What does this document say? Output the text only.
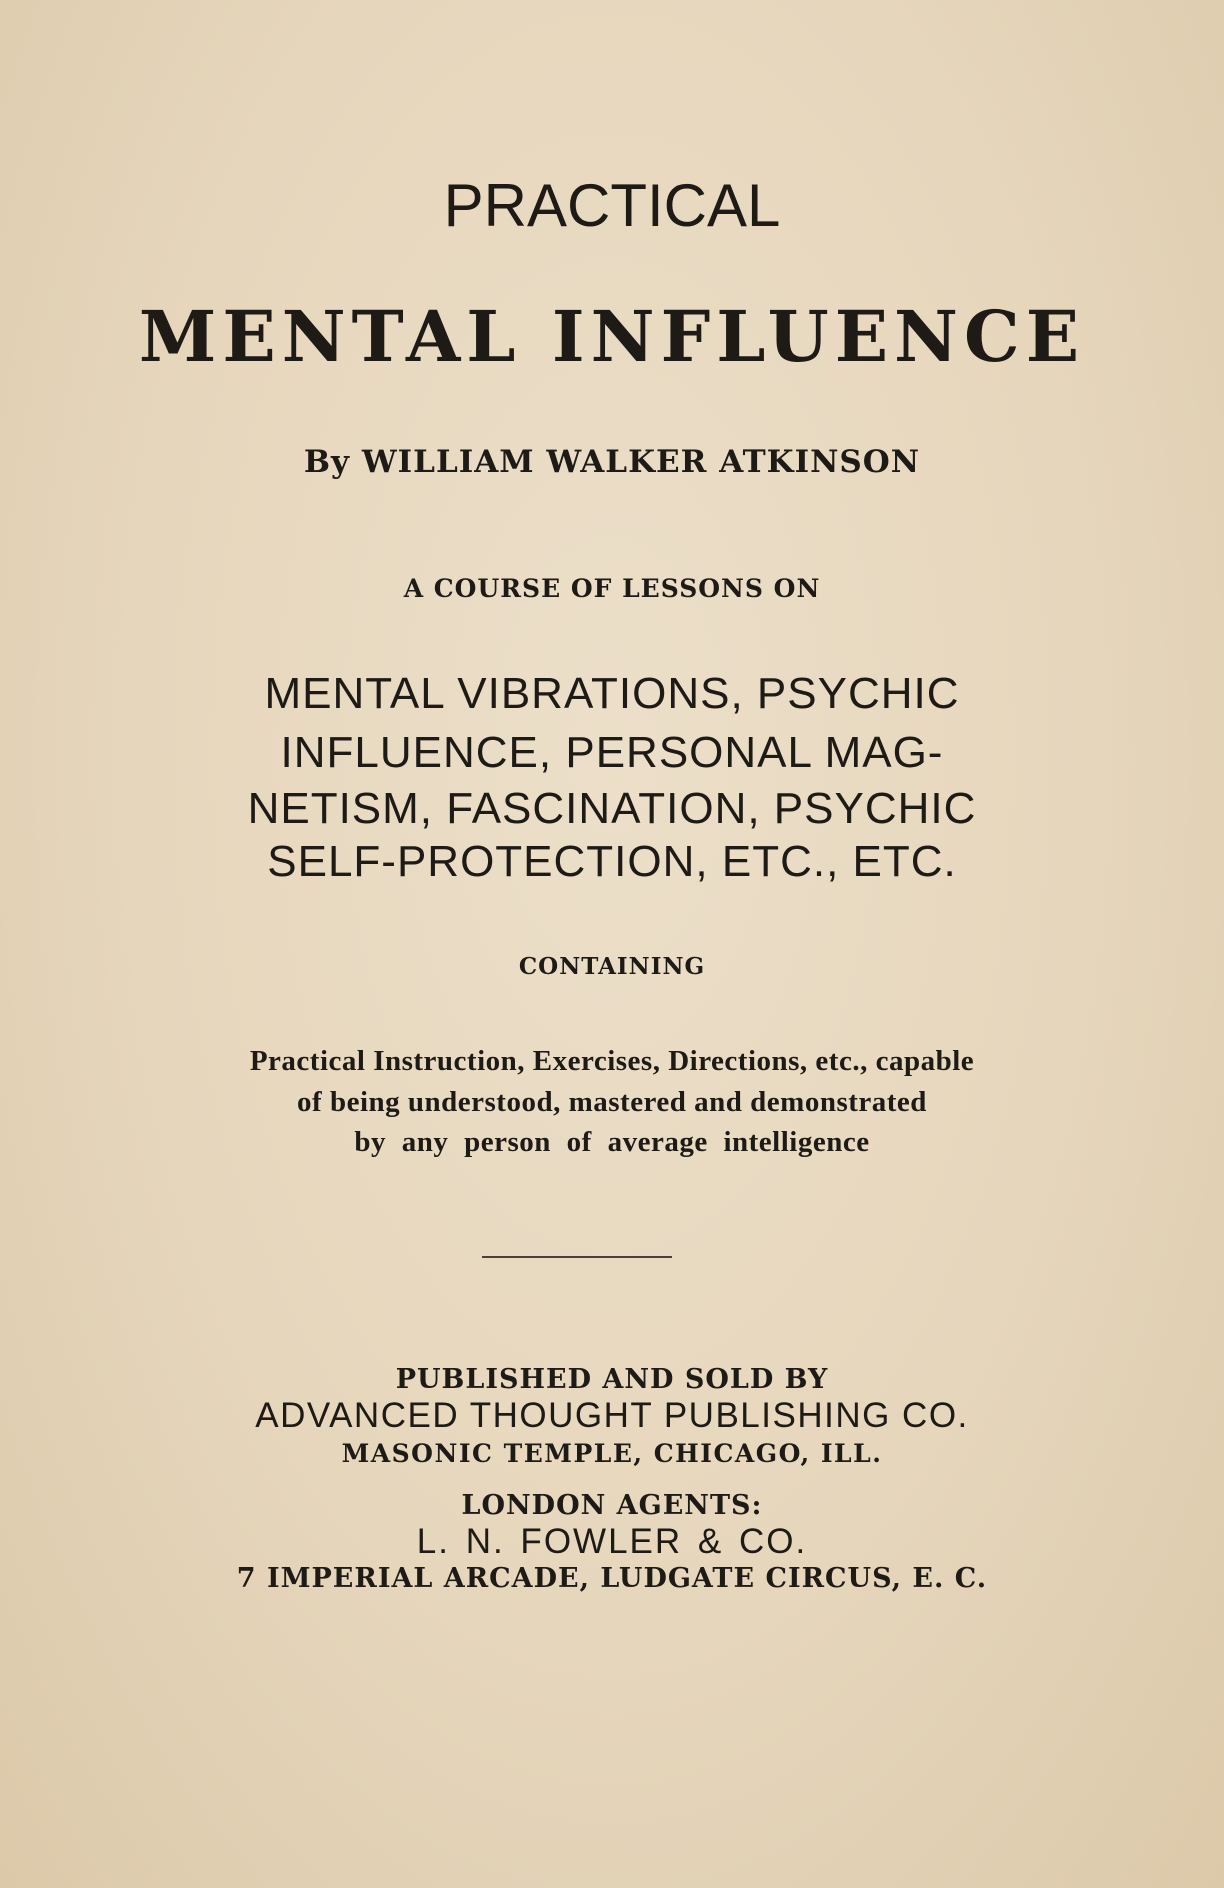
PRACTICAL

MENTAL INFLUENCE

By WILLIAM WALKER ATKINSON

A COURSE OF LESSONS ON

MENTAL VIBRATIONS, PSYCHIC

INFLUENCE, PERSONAL MAG-

NETISM, FASCINATION, PSYCHIC

SELF-PROTECTION, ETC., ETC.

CONTAINING

Practical Instruction, Exercises, Directions, etc., capable

of being understood, mastered and demonstrated

by any person of average intelligence

PUBLISHED AND SOLD BY

ADVANCED THOUGHT PUBLISHING CO.

MASONIC TEMPLE, CHICAGO, ILL.

LONDON AGENTS:

L. N. FOWLER & CO.

7 IMPERIAL ARCADE, LUDGATE CIRCUS, E. C.
